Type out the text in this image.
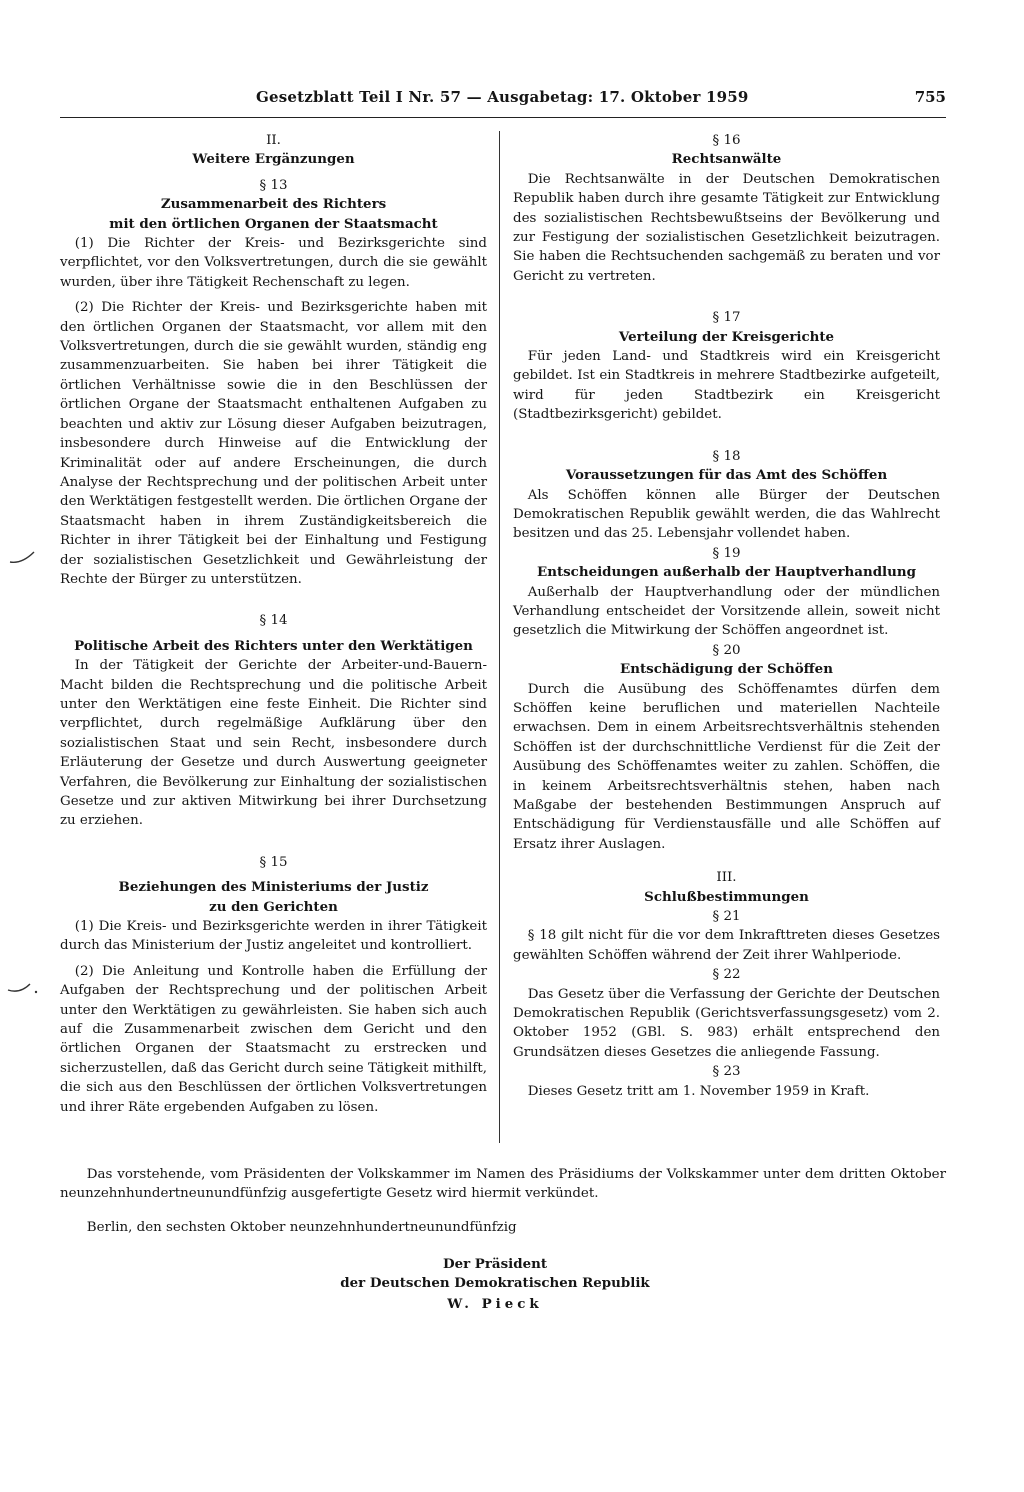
Gesetzblatt Teil I Nr. 57 — Ausgabetag: 17. Oktober 1959	755
II.
Weitere Ergänzungen
§ 13
Zusammenarbeit des Richters
mit den örtlichen Organen der Staatsmacht

(1) Die Richter der Kreis- und Bezirksgerichte sind verpflichtet, vor den Volksvertretungen, durch die sie gewählt wurden, über ihre Tätigkeit Rechenschaft zu legen.

(2) Die Richter der Kreis- und Bezirksgerichte haben mit den örtlichen Organen der Staatsmacht, vor allem mit den Volksvertretungen, durch die sie gewählt wurden, ständig eng zusammenzuarbeiten. Sie haben bei ihrer Tätigkeit die örtlichen Verhältnisse sowie die in den Beschlüssen der örtlichen Organe der Staatsmacht enthaltenen Aufgaben zu beachten und aktiv zur Lösung dieser Aufgaben beizutragen, insbesondere durch Hinweise auf die Entwicklung der Kriminalität oder auf andere Erscheinungen, die durch Analyse der Rechtsprechung und der politischen Arbeit unter den Werktätigen festgestellt werden. Die örtlichen Organe der Staatsmacht haben in ihrem Zuständigkeitsbereich die Richter in ihrer Tätigkeit bei der Einhaltung und Festigung der sozialistischen Gesetzlichkeit und Gewährleistung der Rechte der Bürger zu unterstützen.

§ 14
Politische Arbeit des Richters unter den Werktätigen

In der Tätigkeit der Gerichte der Arbeiter-und-Bauern-Macht bilden die Rechtsprechung und die politische Arbeit unter den Werktätigen eine feste Einheit. Die Richter sind verpflichtet, durch regelmäßige Aufklärung über den sozialistischen Staat und sein Recht, insbesondere durch Erläuterung der Gesetze und durch Auswertung geeigneter Verfahren, die Bevölkerung zur Einhaltung der sozialistischen Gesetze und zur aktiven Mitwirkung bei ihrer Durchsetzung zu erziehen.

§ 15
Beziehungen des Ministeriums der Justiz
zu den Gerichten

(1) Die Kreis- und Bezirksgerichte werden in ihrer Tätigkeit durch das Ministerium der Justiz angeleitet und kontrolliert.

(2) Die Anleitung und Kontrolle haben die Erfüllung der Aufgaben der Rechtsprechung und der politischen Arbeit unter den Werktätigen zu gewährleisten. Sie haben sich auch auf die Zusammenarbeit zwischen dem Gericht und den örtlichen Organen der Staatsmacht zu erstrecken und sicherzustellen, daß das Gericht durch seine Tätigkeit mithilft, die sich aus den Beschlüssen der örtlichen Volksvertretungen und ihrer Räte ergebenden Aufgaben zu lösen.

§ 16
Rechtsanwälte

Die Rechtsanwälte in der Deutschen Demokratischen Republik haben durch ihre gesamte Tätigkeit zur Entwicklung des sozialistischen Rechtsbewußtseins der Bevölkerung und zur Festigung der sozialistischen Gesetzlichkeit beizutragen. Sie haben die Rechtsuchenden sachgemäß zu beraten und vor Gericht zu vertreten.

§ 17
Verteilung der Kreisgerichte

Für jeden Land- und Stadtkreis wird ein Kreisgericht gebildet. Ist ein Stadtkreis in mehrere Stadtbezirke aufgeteilt, wird für jeden Stadtbezirk ein Kreisgericht (Stadtbezirksgericht) gebildet.

§ 18
Voraussetzungen für das Amt des Schöffen

Als Schöffen können alle Bürger der Deutschen Demokratischen Republik gewählt werden, die das Wahlrecht besitzen und das 25. Lebensjahr vollendet haben.

§ 19
Entscheidungen außerhalb der Hauptverhandlung

Außerhalb der Hauptverhandlung oder der mündlichen Verhandlung entscheidet der Vorsitzende allein, soweit nicht gesetzlich die Mitwirkung der Schöffen angeordnet ist.

§ 20
Entschädigung der Schöffen

Durch die Ausübung des Schöffenamtes dürfen dem Schöffen keine beruflichen und materiellen Nachteile erwachsen. Dem in einem Arbeitsrechtsverhältnis stehenden Schöffen ist der durchschnittliche Verdienst für die Zeit der Ausübung des Schöffenamtes weiter zu zahlen. Schöffen, die in keinem Arbeitsrechtsverhältnis stehen, haben nach Maßgabe der bestehenden Bestimmungen Anspruch auf Entschädigung für Verdienstausfälle und alle Schöffen auf Ersatz ihrer Auslagen.

III.
Schlußbestimmungen
§ 21

§ 18 gilt nicht für die vor dem Inkrafttreten dieses Gesetzes gewählten Schöffen während der Zeit ihrer Wahlperiode.

§ 22

Das Gesetz über die Verfassung der Gerichte der Deutschen Demokratischen Republik (Gerichtsverfassungsgesetz) vom 2. Oktober 1952 (GBl. S. 983) erhält entsprechend den Grundsätzen dieses Gesetzes die anliegende Fassung.

§ 23

Dieses Gesetz tritt am 1. November 1959 in Kraft.

Das vorstehende, vom Präsidenten der Volkskammer im Namen des Präsidiums der Volkskammer unter dem dritten Oktober neunzehnhundertneunundfünfzig ausgefertigte Gesetz wird hiermit verkündet.

Berlin, den sechsten Oktober neunzehnhundertneunundfünfzig

Der Präsident
der Deutschen Demokratischen Republik
W. Pieck
